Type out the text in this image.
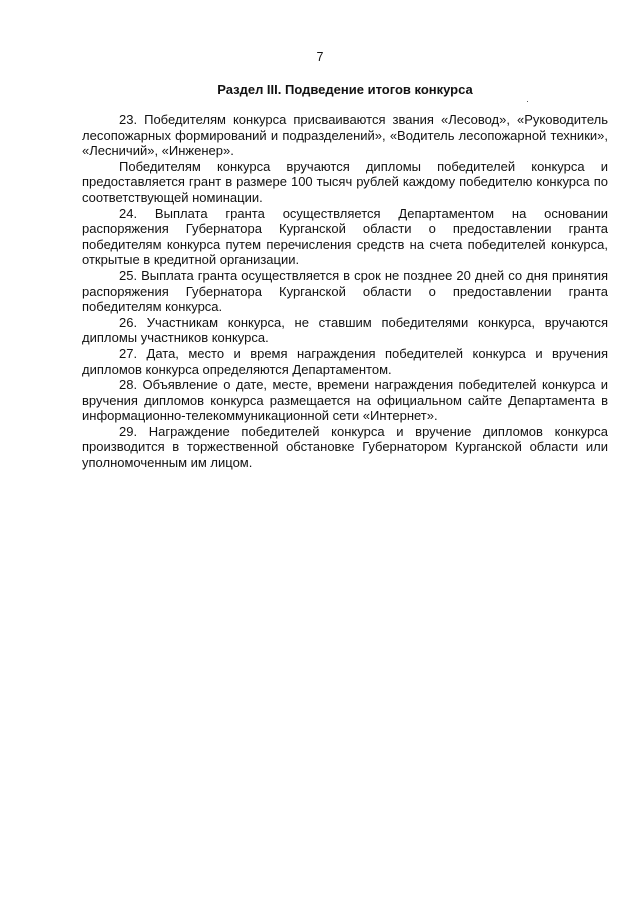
7
Раздел III. Подведение итогов конкурса

23. Победителям конкурса присваиваются звания «Лесовод», «Руководитель лесопожарных формирований и подразделений», «Водитель лесопожарной техники», «Лесничий», «Инженер».

Победителям конкурса вручаются дипломы победителей конкурса и предоставляется грант в размере 100 тысяч рублей каждому победителю конкурса по соответствующей номинации.

24. Выплата гранта осуществляется Департаментом на основании распоряжения Губернатора Курганской области о предоставлении гранта победителям конкурса путем перечисления средств на счета победителей конкурса, открытые в кредитной организации.

25. Выплата гранта осуществляется в срок не позднее 20 дней со дня принятия распоряжения Губернатора Курганской области о предоставлении гранта победителям конкурса.

26. Участникам конкурса, не ставшим победителями конкурса, вручаются дипломы участников конкурса.

27. Дата, место и время награждения победителей конкурса и вручения дипломов конкурса определяются Департаментом.

28. Объявление о дате, месте, времени награждения победителей конкурса и вручения дипломов конкурса размещается на официальном сайте Департамента в информационно-телекоммуникационной сети «Интернет».

29. Награждение победителей конкурса и вручение дипломов конкурса производится в торжественной обстановке Губернатором Курганской области или уполномоченным им лицом.
